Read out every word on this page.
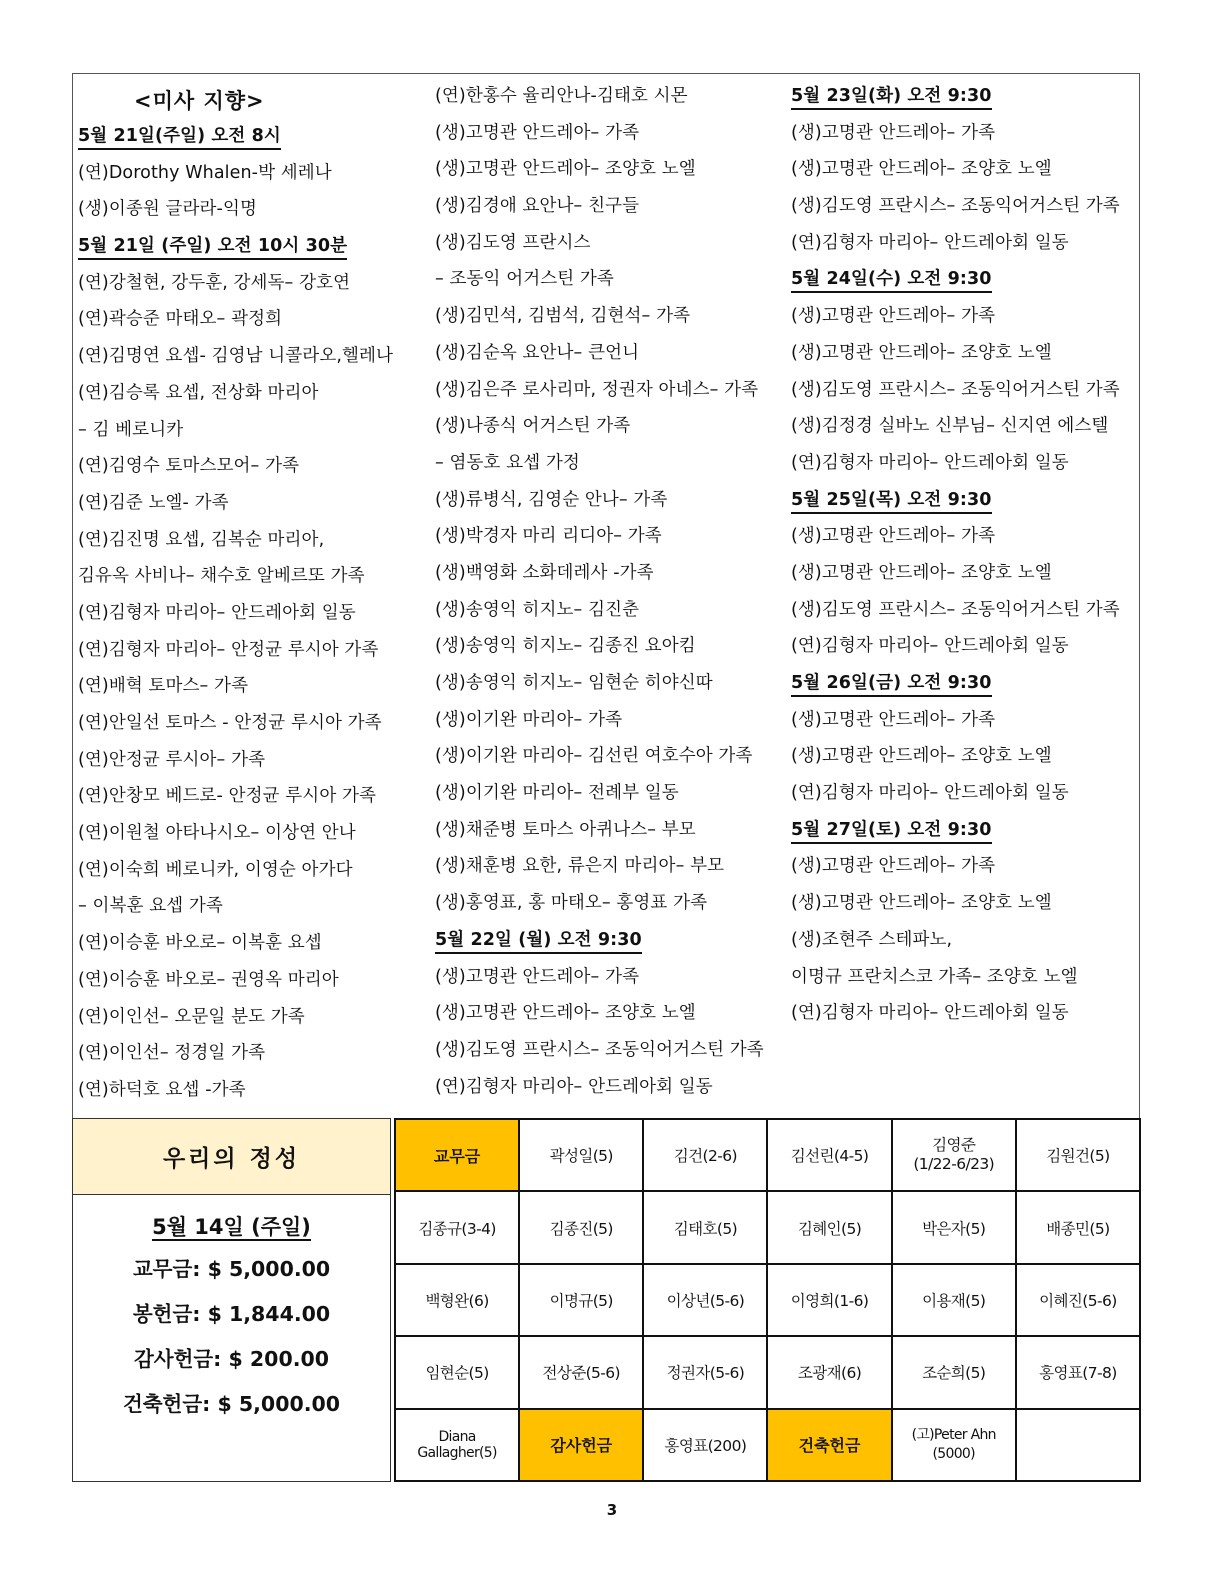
<미사 지향>
5월 21일(주일) 오전 8시
(연)Dorothy Whalen-박 세레나
(생)이종원 글라라-익명
5월 21일 (주일) 오전 10시 30분
(연)강철현, 강두훈, 강세독– 강호연
(연)곽승준 마태오– 곽정희
(연)김명연 요셉- 김영남 니콜라오,헬레나
(연)김승록 요셉, 전상화 마리아
– 김 베로니카
(연)김영수 토마스모어– 가족
(연)김준 노엘- 가족
(연)김진명 요셉, 김복순 마리아,
김유옥 사비나– 채수호 알베르또 가족
(연)김형자 마리아– 안드레아회 일동
(연)김형자 마리아– 안정균 루시아 가족
(연)배혁 토마스– 가족
(연)안일선 토마스 - 안정균 루시아 가족
(연)안정균 루시아– 가족
(연)안창모 베드로- 안정균 루시아 가족
(연)이원철 아타나시오– 이상연 안나
(연)이숙희 베로니카, 이영순 아가다
– 이복훈 요셉 가족
(연)이승훈 바오로– 이복훈 요셉
(연)이승훈 바오로– 권영옥 마리아
(연)이인선– 오문일 분도 가족
(연)이인선– 정경일 가족
(연)하덕호 요셉 -가족
(연)한홍수 율리안나-김태호 시몬
(생)고명관 안드레아– 가족
(생)고명관 안드레아– 조양호 노엘
(생)김경애 요안나– 친구들
(생)김도영 프란시스
– 조동익 어거스틴 가족
(생)김민석, 김범석, 김현석– 가족
(생)김순옥 요안나– 큰언니
(생)김은주 로사리마, 정권자 아네스– 가족
(생)나종식 어거스틴 가족
– 염동호 요셉 가정
(생)류병식, 김영순 안나– 가족
(생)박경자 마리 리디아– 가족
(생)백영화 소화데레사 -가족
(생)송영익 히지노– 김진춘
(생)송영익 히지노– 김종진 요아킴
(생)송영익 히지노– 임현순 히야신따
(생)이기완 마리아– 가족
(생)이기완 마리아– 김선린 여호수아 가족
(생)이기완 마리아– 전례부 일동
(생)채준병 토마스 아퀴나스– 부모
(생)채훈병 요한, 류은지 마리아– 부모
(생)홍영표, 홍 마태오– 홍영표 가족
5월 22일 (월) 오전 9:30
(생)고명관 안드레아– 가족
(생)고명관 안드레아– 조양호 노엘
(생)김도영 프란시스– 조동익어거스틴 가족
(연)김형자 마리아– 안드레아회 일동
5월 23일(화) 오전 9:30
(생)고명관 안드레아– 가족
(생)고명관 안드레아– 조양호 노엘
(생)김도영 프란시스– 조동익어거스틴 가족
(연)김형자 마리아– 안드레아회 일동
5월 24일(수) 오전 9:30
(생)고명관 안드레아– 가족
(생)고명관 안드레아– 조양호 노엘
(생)김도영 프란시스– 조동익어거스틴 가족
(생)김정경 실바노 신부님– 신지연 에스텔
(연)김형자 마리아– 안드레아회 일동
5월 25일(목) 오전 9:30
(생)고명관 안드레아– 가족
(생)고명관 안드레아– 조양호 노엘
(생)김도영 프란시스– 조동익어거스틴 가족
(연)김형자 마리아– 안드레아회 일동
5월 26일(금) 오전 9:30
(생)고명관 안드레아– 가족
(생)고명관 안드레아– 조양호 노엘
(연)김형자 마리아– 안드레아회 일동
5월 27일(토) 오전 9:30
(생)고명관 안드레아– 가족
(생)고명관 안드레아– 조양호 노엘
(생)조현주 스테파노,
이명규 프란치스코 가족– 조양호 노엘
(연)김형자 마리아– 안드레아회 일동
우리의 정성
5월 14일 (주일)
교무금: $ 5,000.00
봉헌금: $ 1,844.00
감사헌금: $ 200.00
건축헌금: $ 5,000.00
교무금	곽성일(5)	김건(2-6)	김선린(4-5)	김영준
(1/22-6/23)	김원건(5)
김종규(3-4)	김종진(5)	김태호(5)	김혜인(5)	박은자(5)	배종민(5)
백형완(6)	이명규(5)	이상년(5-6)	이영희(1-6)	이용재(5)	이혜진(5-6)
임현순(5)	전상준(5-6)	정권자(5-6)	조광재(6)	조순희(5)	홍영표(7-8)
Diana Gallagher(5)	감사헌금	홍영표(200)	건축헌금	(고)Peter Ahn
(5000)	
3
